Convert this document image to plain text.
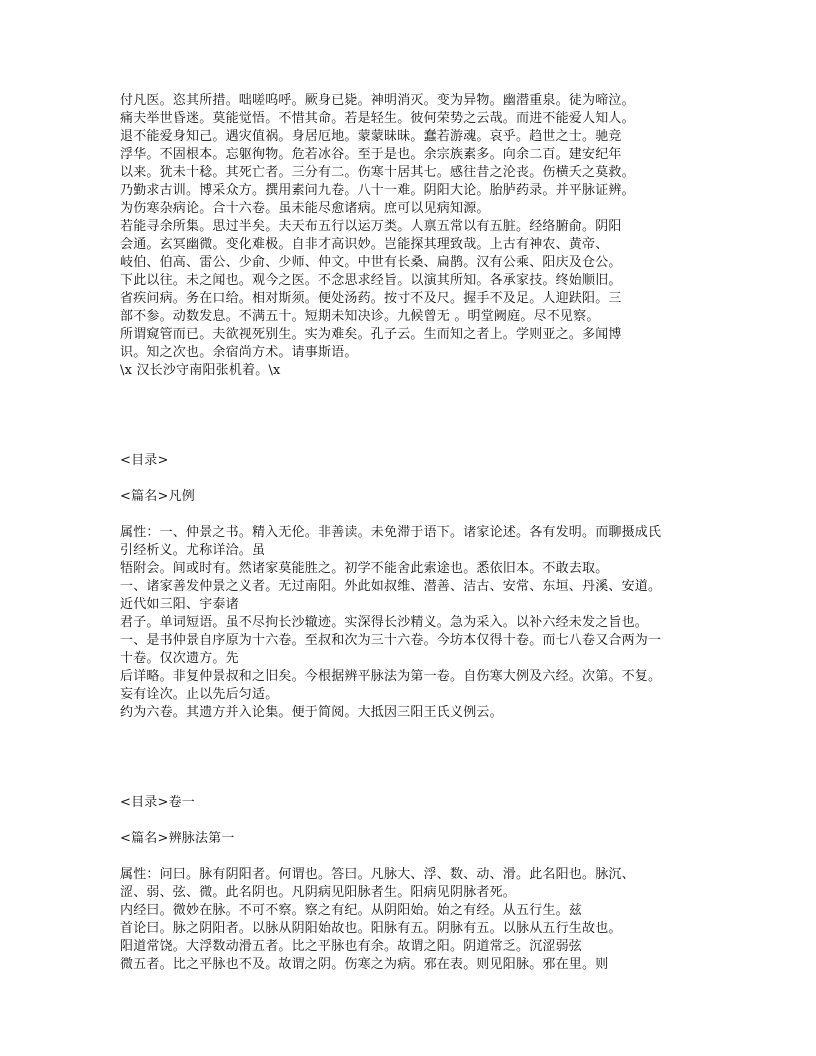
付凡医。恣其所措。咄嗟呜呼。厥身已毙。神明消灭。变为异物。幽潜重泉。徒为啼泣。
痛夫举世昏迷。莫能觉悟。不惜其命。若是轻生。彼何荣势之云哉。而进不能爱人知人。
退不能爱身知己。遇灾值祸。身居厄地。蒙蒙昧昧。蠢若游魂。哀乎。趋世之士。驰竞
浮华。不固根本。忘躯徇物。危若冰谷。至于是也。余宗族素多。向余二百。建安纪年
以来。犹未十稔。其死亡者。三分有二。伤寒十居其七。感往昔之沦丧。伤横夭之莫救。
乃勤求古训。博采众方。撰用素问九卷。八十一难。阴阳大论。胎胪药录。并平脉证辨。
为伤寒杂病论。合十六卷。虽未能尽愈诸病。庶可以见病知源。
若能寻余所集。思过半矣。夫天布五行以运万类。人禀五常以有五脏。经络腑俞。阴阳
会通。玄冥幽微。变化难极。自非才高识妙。岂能探其理致哉。上古有神农、黄帝、
岐伯、伯高、雷公、少俞、少师、仲文。中世有长桑、扁鹊。汉有公乘、阳庆及仓公。
下此以往。未之闻也。观今之医。不念思求经旨。以演其所知。各承家技。终始顺旧。
省疾问病。务在口给。相对斯须。便处汤药。按寸不及尺。握手不及足。人迎趺阳。三
部不参。动数发息。不满五十。短期未知决诊。九候曾无 。明堂阙庭。尽不见察。
所谓窥管而已。夫欲视死别生。实为难矣。孔子云。生而知之者上。学则亚之。多闻博
识。知之次也。余宿尚方术。请事斯语。
\x 汉长沙守南阳张机着。\x
<目录>
<篇名>凡例
属性：一、仲景之书。精入无伦。非善读。未免滞于语下。诸家论述。各有发明。而聊摄成氏
引经析义。尤称详洽。虽
牾附会。间或时有。然诸家莫能胜之。初学不能舍此索途也。悉依旧本。不敢去取。
一、诸家善发仲景之义者。无过南阳。外此如叔维、潜善、洁古、安常、东垣、丹溪、安道。
近代如三阳、宇泰诸
君子。单词短语。虽不尽拘长沙辙迹。实深得长沙精义。急为采入。以补六经未发之旨也。
一、是书仲景自序原为十六卷。至叔和次为三十六卷。今坊本仅得十卷。而七八卷又合两为一
十卷。仅次遗方。先
后详略。非复仲景叔和之旧矣。今根据辨平脉法为第一卷。自伤寒大例及六经。次第。不复。
妄有诠次。止以先后匀适。
约为六卷。其遗方并入论集。便于简阅。大抵因三阳王氏义例云。
<目录>卷一
<篇名>辨脉法第一
属性：问曰。脉有阴阳者。何谓也。答曰。凡脉大、浮、数、动、滑。此名阳也。脉沉、
涩、弱、弦、微。此名阴也。凡阴病见阳脉者生。阳病见阴脉者死。
内经曰。微妙在脉。不可不察。察之有纪。从阴阳始。始之有经。从五行生。兹
首论曰。脉之阴阳者。以脉从阴阳始故也。阳脉有五。阴脉有五。以脉从五行生故也。
阳道常饶。大浮数动滑五者。比之平脉也有余。故谓之阳。阴道常乏。沉涩弱弦
微五者。比之平脉也不及。故谓之阴。伤寒之为病。邪在表。则见阳脉。邪在里。则
